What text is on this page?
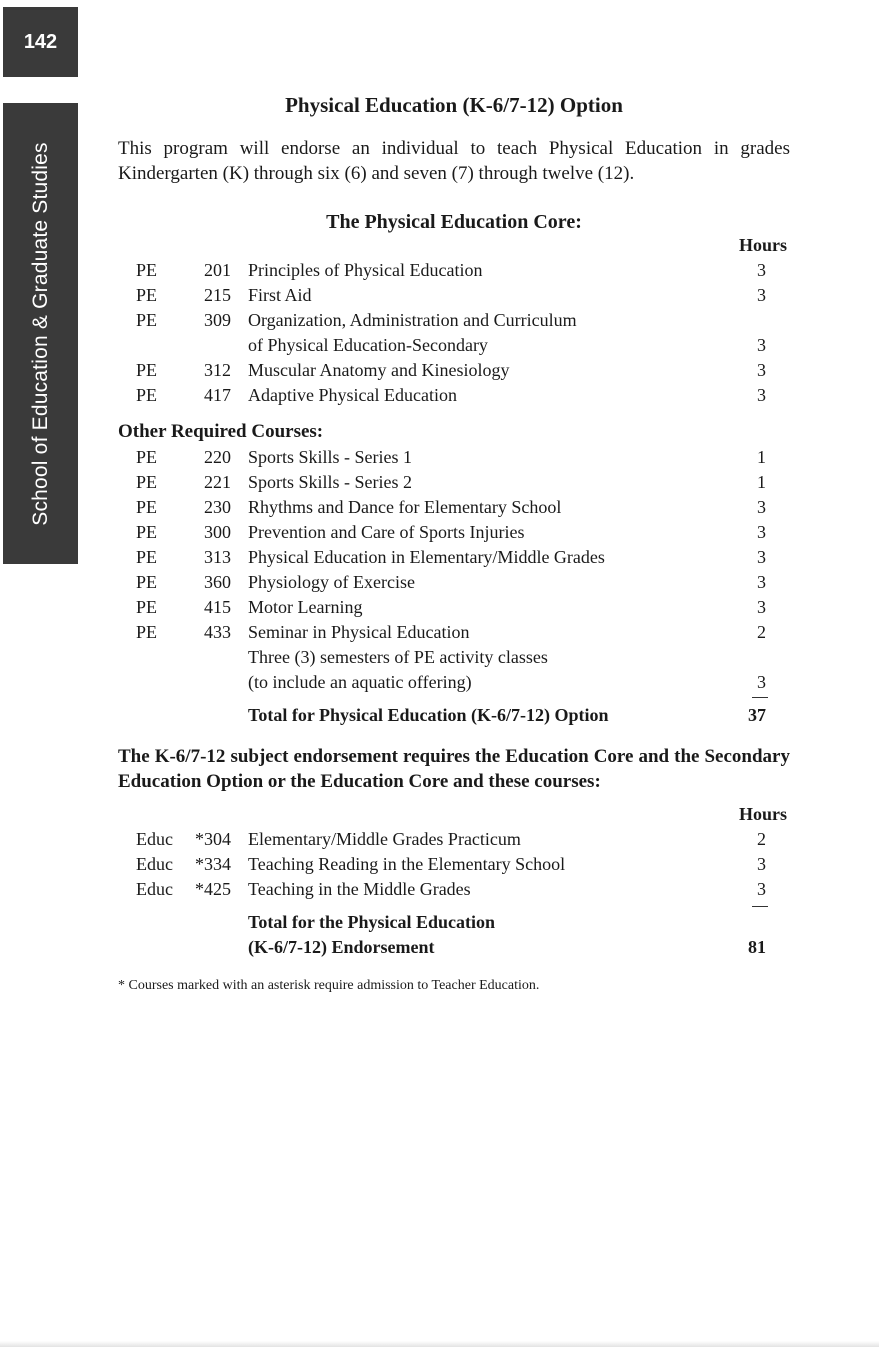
142
School of Education & Graduate Studies
Physical Education (K-6/7-12) Option
This program will endorse an individual to teach Physical Education in grades Kindergarten (K) through six (6) and seven (7) through twelve (12).
The Physical Education Core:
Hours
PE	201 Principles of Physical Education	3
PE	215 First Aid	3
PE	309 Organization, Administration and Curriculum
of Physical Education-Secondary	3
PE	312 Muscular Anatomy and Kinesiology	3
PE	417 Adaptive Physical Education	3
Other Required Courses:
PE	220 Sports Skills - Series 1	1
PE	221 Sports Skills - Series 2	1
PE	230 Rhythms and Dance for Elementary School	3
PE	300 Prevention and Care of Sports Injuries	3
PE	313 Physical Education in Elementary/Middle Grades	3
PE	360 Physiology of Exercise	3
PE	415 Motor Learning	3
PE	433 Seminar in Physical Education	2
Three (3) semesters of PE activity classes
(to include an aquatic offering)	3
Total for Physical Education (K-6/7-12) Option	37
The K-6/7-12 subject endorsement requires the Education Core and the Secondary Education Option or the Education Core and these courses:
Hours
Educ	*304 Elementary/Middle Grades Practicum	2
Educ	*334 Teaching Reading in the Elementary School	3
Educ	*425 Teaching in the Middle Grades	3
Total for the Physical Education
(K-6/7-12) Endorsement	81
* Courses marked with an asterisk require admission to Teacher Education.
